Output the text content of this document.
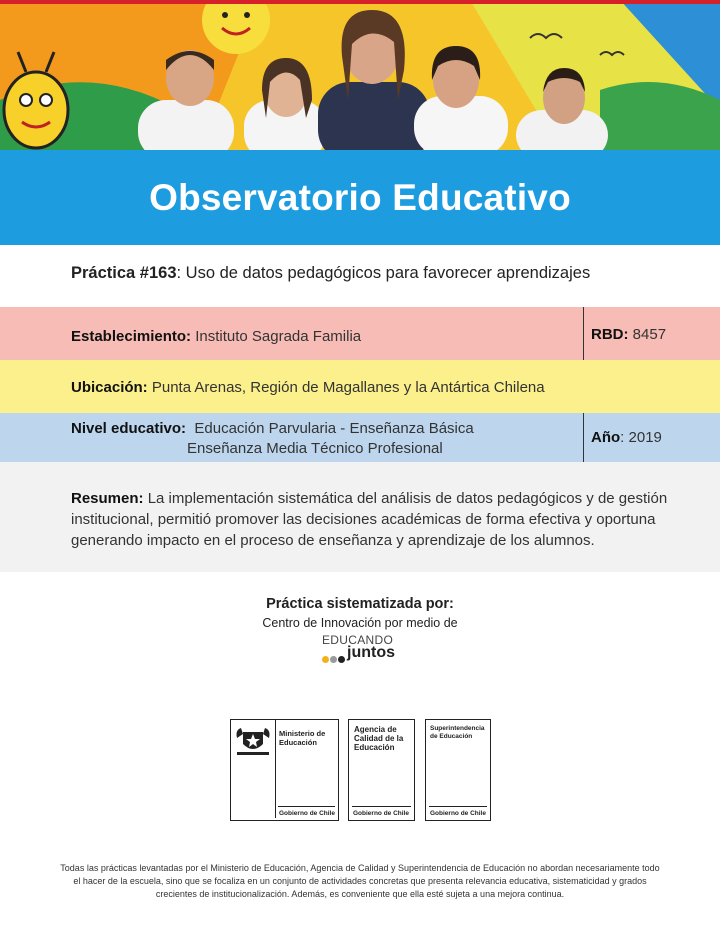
Observatorio Educativo
Práctica #163: Uso de datos pedagógicos para favorecer aprendizajes
Establecimiento: Instituto Sagrada Familia	RBD: 8457
Ubicación: Punta Arenas, Región de Magallanes y la Antártica Chilena
Nivel educativo: Educación Parvularia - Enseñanza Básica
Enseñanza Media Técnico Profesional
Año: 2019

Resumen: La implementación sistemática del análisis de datos pedagógicos y de gestión institucional, permitió promover las decisiones académicas de forma efectiva y oportuna generando impacto en el proceso de enseñanza y aprendizaje de los alumnos.

Práctica sistematizada por:
Centro de Innovación por medio de
EDUCANDO
juntos
Ministerio de Educación
Gobierno de Chile
Agencia de Calidad de la Educación
Gobierno de Chile
Superintendencia de Educación
Gobierno de Chile
Todas las prácticas levantadas por el Ministerio de Educación, Agencia de Calidad y Superintendencia de Educación no abordan necesariamente todo el hacer de la escuela, sino que se focaliza en un conjunto de actividades concretas que presenta relevancia educativa, sistematicidad y grados crecientes de institucionalización. Además, es conveniente que ella esté sujeta a una mejora continua.
